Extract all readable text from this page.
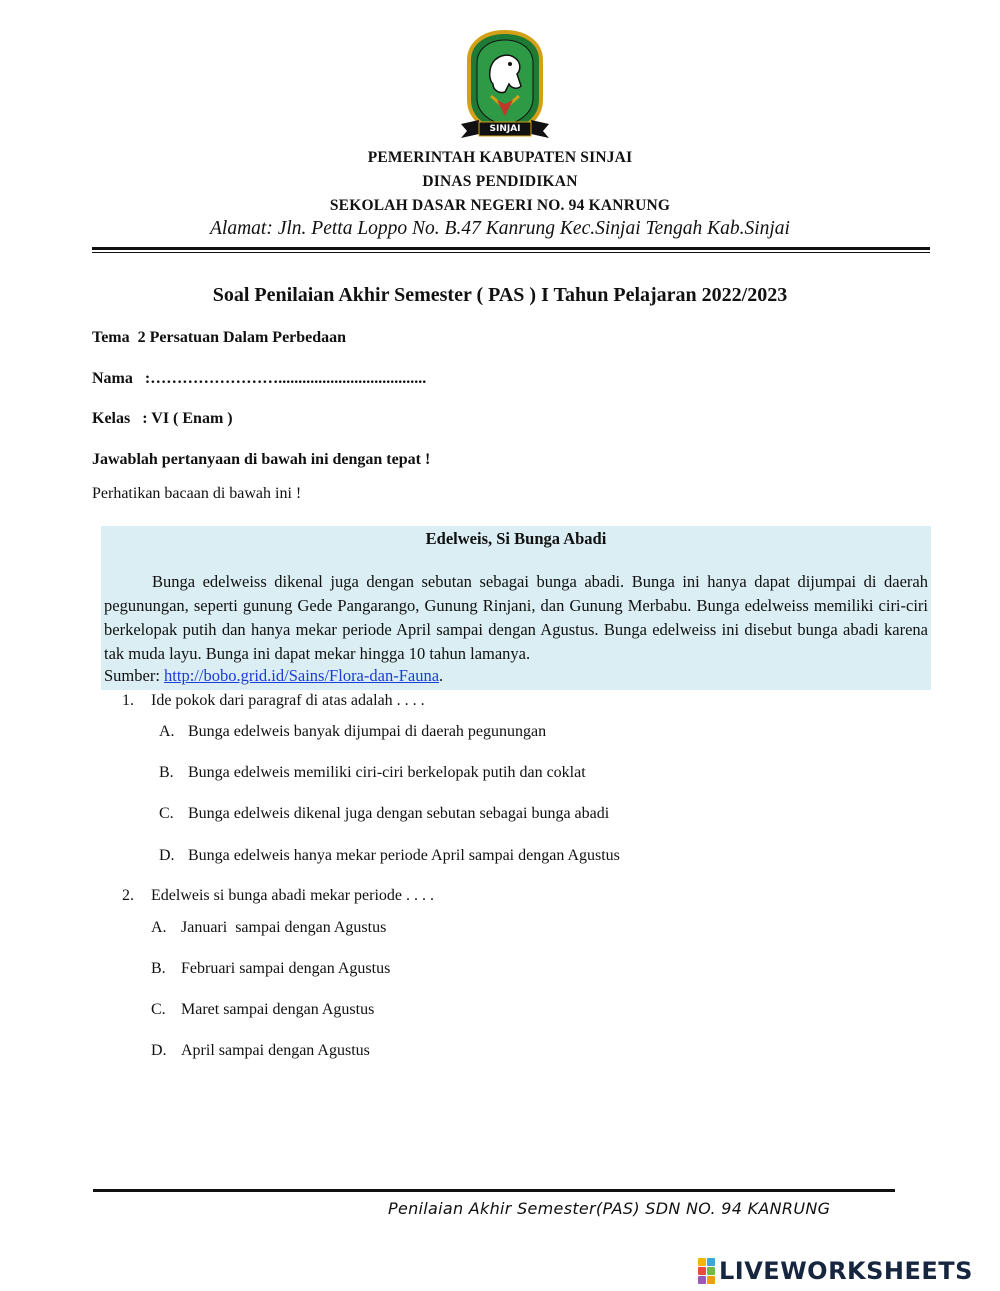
SINJAI
PEMERINTAH KABUPATEN SINJAI
DINAS PENDIDIKAN
SEKOLAH DASAR NEGERI NO. 94 KANRUNG
Alamat: Jln. Petta Loppo No. B.47 Kanrung Kec.Sinjai Tengah Kab.Sinjai
Soal Penilaian Akhir Semester ( PAS ) I Tahun Pelajaran 2022/2023
Tema  2 Persatuan Dalam Perbedaan
Nama   :…………………….....................................
Kelas   : VI ( Enam )
Jawablah pertanyaan di bawah ini dengan tepat !
Perhatikan bacaan di bawah ini !
Edelweis, Si Bunga Abadi
Bunga edelweiss dikenal juga dengan sebutan sebagai bunga abadi. Bunga ini hanya dapat dijumpai di daerah pegunungan, seperti gunung Gede Pangarango, Gunung Rinjani, dan Gunung Merbabu. Bunga edelweiss memiliki ciri-ciri berkelopak putih dan hanya mekar periode April sampai dengan Agustus. Bunga edelweiss ini disebut bunga abadi karena tak muda layu. Bunga ini dapat mekar hingga 10 tahun lamanya.
Sumber: http://bobo.grid.id/Sains/Flora-dan-Fauna.
1. Ide pokok dari paragraf di atas adalah . . . .
A. Bunga edelweis banyak dijumpai di daerah pegunungan
B. Bunga edelweis memiliki ciri-ciri berkelopak putih dan coklat
C. Bunga edelweis dikenal juga dengan sebutan sebagai bunga abadi
D. Bunga edelweis hanya mekar periode April sampai dengan Agustus
2. Edelweis si bunga abadi mekar periode . . . .
A. Januari  sampai dengan Agustus
B. Februari sampai dengan Agustus
C. Maret sampai dengan Agustus
D. April sampai dengan Agustus
Penilaian Akhir Semester(PAS) SDN NO. 94 KANRUNG
LIVEWORKSHEETS
